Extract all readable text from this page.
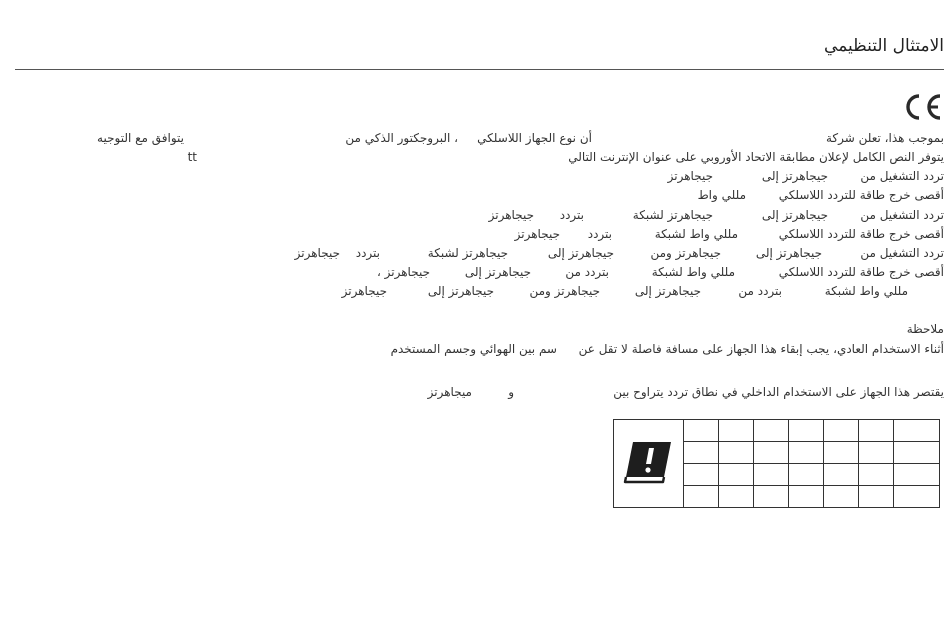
الامتثال التنظيمي
بموجب هذا، تعلن شركة
أن نوع الجهاز اللاسلكي
، البروجكتور الذكي من
يتوافق مع التوجيه
tt	يتوفر النص الكامل لإعلان مطابقة الاتحاد الأوروبي على عنوان الإنترنت التالي
تردد التشغيل من
جيجاهرتز إلى
جيجاهرتز
أقصى خرج طاقة للتردد اللاسلكي
مللي واط
تردد التشغيل من
جيجاهرتز إلى
جيجاهرتز لشبكة
بتردد
جيجاهرتز
أقصى خرج طاقة للتردد اللاسلكي
مللي واط لشبكة
بتردد
جيجاهرتز
تردد التشغيل من
جيجاهرتز إلى
جيجاهرتز ومن
جيجاهرتز إلى
جيجاهرتز لشبكة
بتردد
جيجاهرتز
أقصى خرج طاقة للتردد اللاسلكي
مللي واط لشبكة
بتردد من
جيجاهرتز إلى
جيجاهرتز ،
مللي واط لشبكة
بتردد من
جيجاهرتز إلى
جيجاهرتز ومن
جيجاهرتز إلى
جيجاهرتز
ملاحظة
أثناء الاستخدام العادي، يجب إبقاء هذا الجهاز على مسافة فاصلة لا تقل عن
سم بين الهوائي وجسم المستخدم
يقتصر هذا الجهاز على الاستخدام الداخلي في نطاق تردد يتراوح بين
و
ميجاهرتز
